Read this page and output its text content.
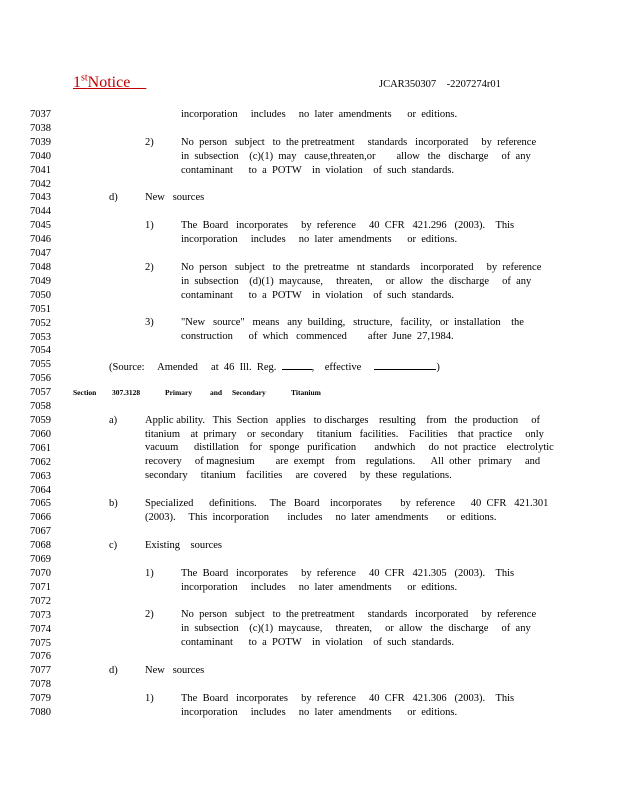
1stNotice	JCAR350307    -2207274r01
7037
7038
7039
7040
7041
7042
7043
7044
7045
7046
7047
7048
7049
7050
7051
7052
7053
7054
7055
7056
7057
7058
7059
7060
7061
7062
7063
7064
7065
7066
7067
7068
7069
7070
7071
7072
7073
7074
7075
7076
7077
7078
7079
7080
incorporation     includes     no  later  amendments      or  editions.
2)	No  person   subject   to  the pretreatment     standards   incorporated     by  reference
in  subsection    (c)(1)  may   cause,threaten,or        allow   the   discharge     of  any
contaminant      to  a  POTW    in  violation    of  such  standards.
d)	New   sources
1)	The  Board   incorporates     by  reference     40  CFR   421.296   (2003).    This
incorporation     includes     no  later  amendments      or  editions.
2)	No  person   subject   to  the  pretreatme   nt  standards    incorporated     by  reference
in  subsection    (d)(1)  maycause,     threaten,     or  allow   the  discharge     of  any
contaminant      to  a  POTW    in  violation    of  such  standards.
3)	"New   source"   means   any  building,   structure,   facility,   or  installation    the
construction      of  which   commenced        after  June  27,1984.
(Source:     Amended     at  46  Ill.  Reg.	,    effective	)
Section 307.3128	Primary and Secondary	Titanium
a)	Applic ability.   This  Section   applies   to discharges    resulting    from   the  production     of
titanium    at  primary    or  secondary     titanium   facilities.    Facilities    that  practice     only
vacuum      distillation    for   sponge   purification       andwhich     do  not  practice    electrolytic
recovery     of magnesium        are  exempt    from    regulations.      All  other   primary     and
secondary     titanium    facilities     are  covered     by  these  regulations.
b)	Specialized      definitions.     The   Board    incorporates       by  reference      40  CFR   421.301
(2003).     This  incorporation       includes     no  later  amendments       or  editions.
c)	Existing    sources
1)	The  Board   incorporates     by  reference     40  CFR   421.305   (2003).    This
incorporation     includes     no  later  amendments      or  editions.
2)	No  person   subject   to  the pretreatment     standards   incorporated     by  reference
in  subsection    (c)(1)  maycause,     threaten,     or  allow   the  discharge     of  any
contaminant      to  a  POTW    in  violation    of  such  standards.
d)	New   sources
1)	The  Board   incorporates     by  reference     40  CFR   421.306   (2003).    This
incorporation     includes     no  later  amendments      or  editions.
